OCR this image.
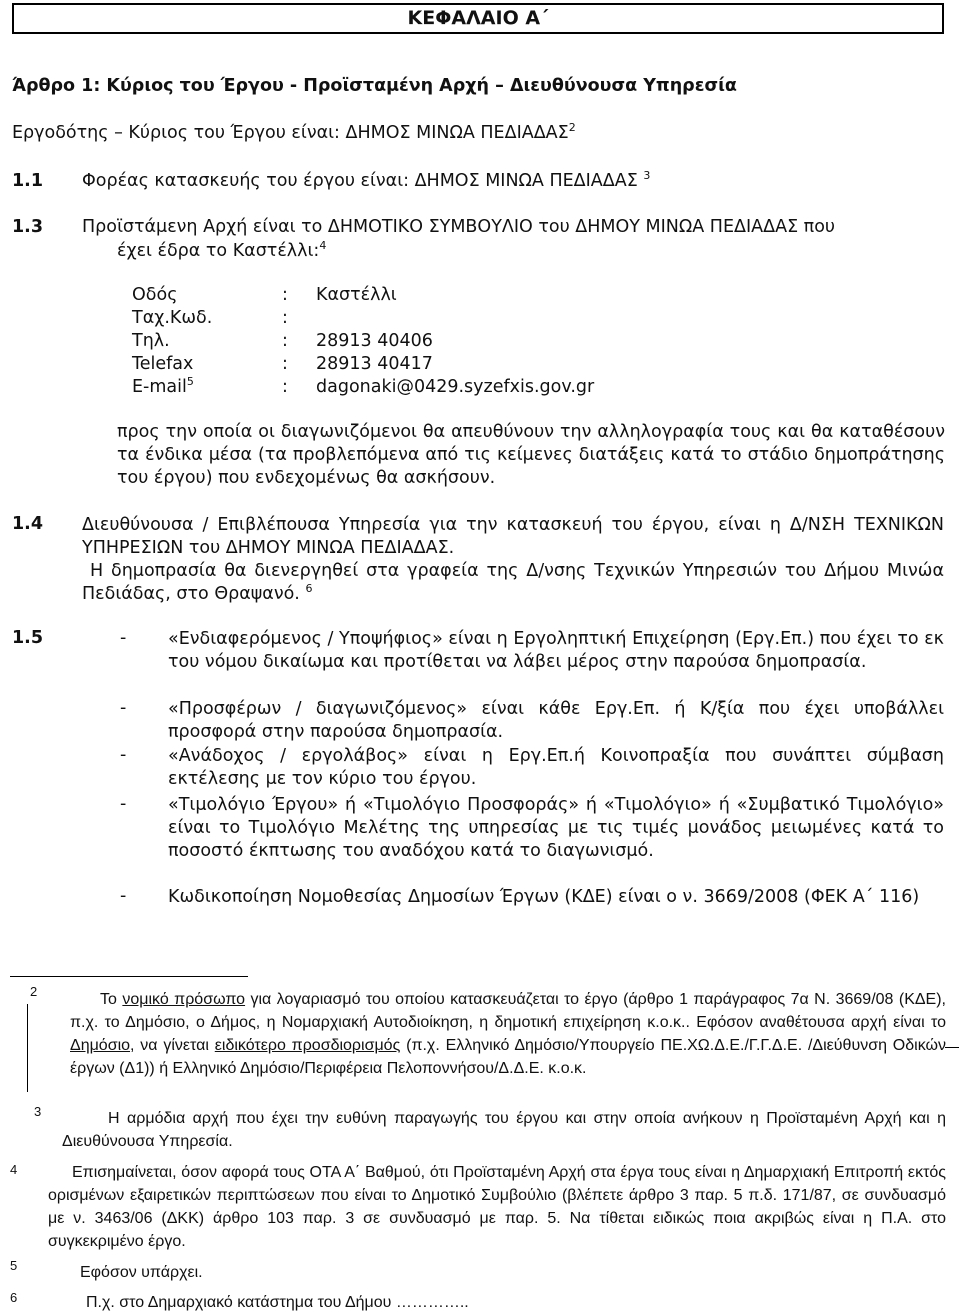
ΚΕΦΑΛΑΙΟ Α΄
Άρθρο 1: Κύριος του Έργου - Προϊσταμένη Αρχή – Διευθύνουσα Υπηρεσία
Εργοδότης – Κύριος του Έργου είναι: ΔΗΜΟΣ ΜΙΝΩΑ ΠΕΔΙΑΔΑΣ$^2$
1.1 Φορέας κατασκευής του έργου είναι: ΔΗΜΟΣ ΜΙΝΩΑ ΠΕΔΙΑΔΑΣ $^3$
1.3 Προϊστάμενη Αρχή είναι το ΔΗΜΟΤΙΚΟ ΣΥΜΒΟΥΛΙΟ του ΔΗΜΟΥ ΜΙΝΩΑ ΠΕΔΙΑΔΑΣ που
έχει έδρα το Καστέλλι:$^4$
Οδός	: Καστέλλι
Ταχ.Κωδ.	:
Τηλ.	: 28913 40406
Telefax	: 28913 40417
E-mail$^5$	: dagonaki@0429.syzefxis.gov.gr
προς την οποία οι διαγωνιζόμενοι θα απευθύνουν την αλληλογραφία τους και θα καταθέσουν τα ένδικα μέσα (τα προβλεπόμενα από τις κείμενες διατάξεις κατά το στάδιο δημοπράτησης του έργου) που ενδεχομένως θα ασκήσουν.
1.4 Διευθύνουσα / Επιβλέπουσα Υπηρεσία για την κατασκευή του έργου, είναι η Δ/ΝΣΗ ΤΕΧΝΙΚΩΝ ΥΠΗΡΕΣΙΩΝ του ΔΗΜΟΥ ΜΙΝΩΑ ΠΕΔΙΑΔΑΣ.
Η δημοπρασία θα διενεργηθεί στα γραφεία της Δ/νσης Τεχνικών Υπηρεσιών του Δήμου Μινώα Πεδιάδας, στο Θραψανό. $^6$
1.5	- «Ενδιαφερόμενος / Υποψήφιος» είναι η Εργοληπτική Επιχείρηση (Εργ.Επ.) που έχει το εκ του νόμου δικαίωμα και προτίθεται να λάβει μέρος στην παρούσα δημοπρασία.
- «Προσφέρων / διαγωνιζόμενος» είναι κάθε Εργ.Επ. ή Κ/ξία που έχει υποβάλλει προσφορά στην παρούσα δημοπρασία.
- «Ανάδοχος / εργολάβος» είναι η Εργ.Επ.ή Κοινοπραξία που συνάπτει σύμβαση εκτέλεσης με τον κύριο του έργου.
- «Τιμολόγιο Έργου» ή «Τιμολόγιο Προσφοράς» ή «Τιμολόγιο» ή «Συμβατικό Τιμολόγιο» είναι το Τιμολόγιο Μελέτης της υπηρεσίας με τις τιμές μονάδος μειωμένες κατά το ποσοστό έκπτωσης του αναδόχου κατά το διαγωνισμό.
- Κωδικοποίηση Νομοθεσίας Δημοσίων Έργων (ΚΔΕ) είναι ο ν. 3669/2008 (ΦΕΚ Α΄ 116)
2	Το νομικό πρόσωπο για λογαριασμό του οποίου κατασκευάζεται το έργο (άρθρο 1 παράγραφος 7α Ν. 3669/08 (ΚΔΕ), π.χ. το Δημόσιο, ο Δήμος, η Νομαρχιακή Αυτοδιοίκηση, η δημοτική επιχείρηση κ.ο.κ.. Εφόσον αναθέτουσα αρχή είναι το Δημόσιο, να γίνεται ειδικότερο προσδιορισμός (π.χ. Ελληνικό Δημόσιο/Υπουργείο ΠΕ.ΧΩ.Δ.Ε./Γ.Γ.Δ.Ε. /Διεύθυνση Οδικών έργων (Δ1)) ή Ελληνικό Δημόσιο/Περιφέρεια Πελοποννήσου/Δ.Δ.Ε. κ.ο.κ.
3	Η αρμόδια αρχή που έχει την ευθύνη παραγωγής του έργου και στην οποία ανήκουν η Προϊσταμένη Αρχή και η Διευθύνουσα Υπηρεσία.
4	Επισημαίνεται, όσον αφορά τους ΟΤΑ Α΄ Βαθμού, ότι Προϊσταμένη Αρχή στα έργα τους είναι η Δημαρχιακή Επιτροπή εκτός ορισμένων εξαιρετικών περιπτώσεων που είναι το Δημοτικό Συμβούλιο (βλέπετε άρθρο 3 παρ. 5 π.δ. 171/87, σε συνδυασμό με ν. 3463/06 (ΔΚΚ) άρθρο 103 παρ. 3 σε συνδυασμό με παρ. 5. Να τίθεται ειδικώς ποια ακριβώς είναι η Π.Α. στο συγκεκριμένο έργο.
5	Εφόσον υπάρχει.
6	Π.χ. στο Δημαρχιακό κατάστημα του Δήμου …………..
